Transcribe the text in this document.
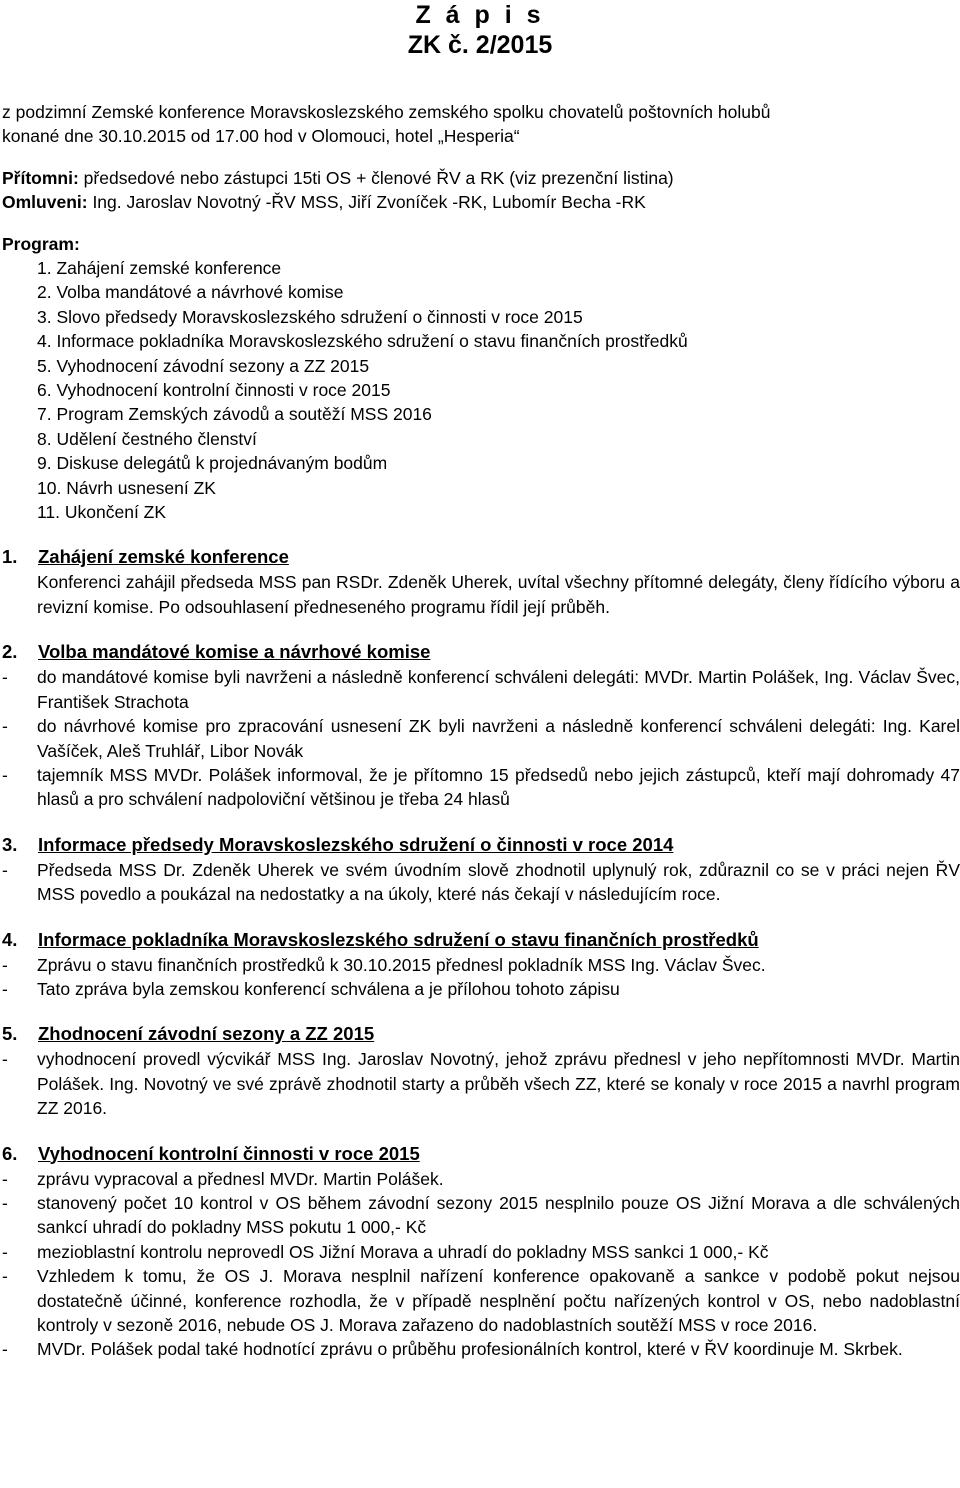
Z á p i s
ZK č. 2/2015
z podzimní Zemské konference Moravskoslezského zemského spolku chovatelů poštovních holubů
konané dne 30.10.2015 od 17.00 hod v Olomouci, hotel „Hesperia“
Přítomni: předsedové nebo zástupci 15ti OS + členové ŘV a RK (viz prezenční listina)
Omluveni: Ing. Jaroslav Novotný -ŘV MSS, Jiří Zvoníček -RK, Lubomír Becha -RK
Program:
1. Zahájení zemské konference
2. Volba mandátové a návrhové komise
3. Slovo předsedy Moravskoslezského sdružení o činnosti v roce 2015
4. Informace pokladníka Moravskoslezského sdružení o stavu finančních prostředků
5. Vyhodnocení závodní sezony a ZZ 2015
6. Vyhodnocení kontrolní činnosti v roce 2015
7. Program Zemských závodů a soutěží MSS 2016
8. Udělení čestného členství
9. Diskuse delegátů k projednávaným bodům
10. Návrh usnesení ZK
11. Ukončení ZK
1.	Zahájení zemské konference
Konferenci zahájil předseda MSS pan RSDr. Zdeněk Uherek, uvítal všechny přítomné delegáty, členy řídícího výboru a revizní komise. Po odsouhlasení předneseného programu řídil její průběh.
2.	Volba mandátové komise a návrhové komise
-	do mandátové komise byli navrženi a následně konferencí schváleni delegáti: MVDr. Martin Polášek, Ing. Václav Švec, František Strachota
-	do návrhové komise pro zpracování usnesení ZK byli navrženi a následně konferencí schváleni delegáti: Ing. Karel Vašíček, Aleš Truhlář, Libor Novák
-	tajemník MSS MVDr. Polášek informoval, že je přítomno 15 předsedů nebo jejich zástupců, kteří mají dohromady 47 hlasů a pro schválení nadpoloviční většinou je třeba 24 hlasů
3.	Informace předsedy Moravskoslezského sdružení o činnosti v roce 2014
-	Předseda MSS Dr. Zdeněk Uherek ve svém úvodním slově zhodnotil uplynulý rok, zdůraznil co se v práci nejen ŘV MSS povedlo a poukázal na nedostatky a na úkoly, které nás čekají v následujícím roce.
4.	Informace pokladníka Moravskoslezského sdružení o stavu finančních prostředků
-	Zprávu o stavu finančních prostředků k 30.10.2015 přednesl pokladník MSS Ing. Václav Švec.
-	Tato zpráva byla zemskou konferencí schválena a je přílohou tohoto zápisu
5.	Zhodnocení závodní sezony a ZZ 2015
-	vyhodnocení provedl výcvikář MSS Ing. Jaroslav Novotný, jehož zprávu přednesl v jeho nepřítomnosti MVDr. Martin Polášek. Ing. Novotný ve své zprávě zhodnotil starty a průběh všech ZZ, které se konaly v roce 2015 a navrhl program ZZ 2016.
6.	Vyhodnocení kontrolní činnosti v roce 2015
-	zprávu vypracoval a přednesl MVDr. Martin Polášek.
-	stanovený počet 10 kontrol v OS během závodní sezony 2015 nesplnilo pouze OS Jižní Morava a dle schválených sankcí uhradí do pokladny MSS pokutu 1 000,- Kč
-	mezioblastní kontrolu neprovedl OS Jižní Morava a uhradí do pokladny MSS sankci 1 000,- Kč
-	Vzhledem k tomu, že OS J. Morava nesplnil nařízení konference opakovaně a sankce v podobě pokut nejsou dostatečně účinné, konference rozhodla, že v případě nesplnění počtu nařízených kontrol v OS, nebo nadoblastní kontroly v sezoně 2016, nebude OS J. Morava zařazeno do nadoblastních soutěží MSS v roce 2016.
-	MVDr. Polášek podal také hodnotící zprávu o průběhu profesionálních kontrol, které v ŘV koordinuje M. Skrbek.
